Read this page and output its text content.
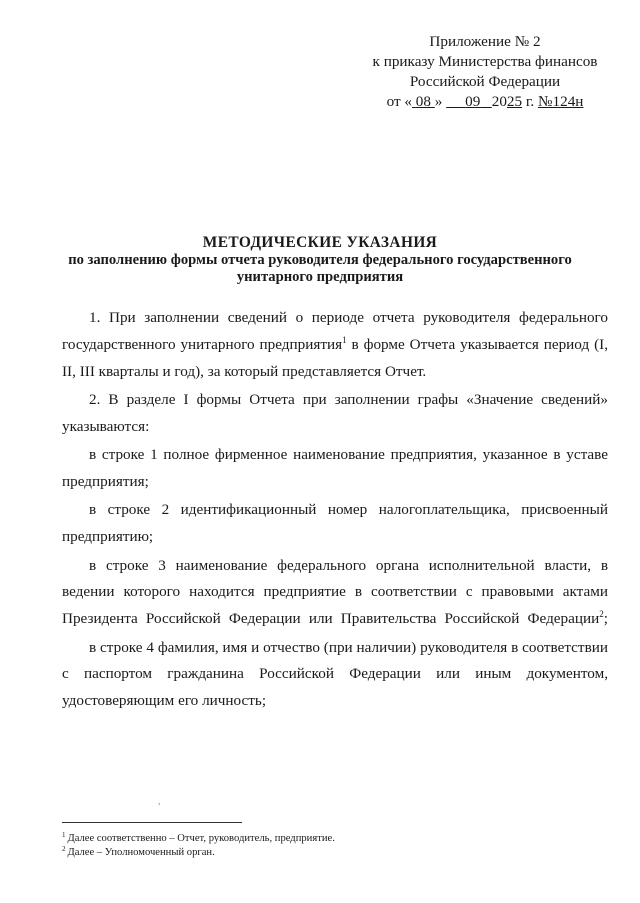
Приложение № 2
к приказу Министерства финансов
Российской Федерации
от « 08 » 09 2025 г. №124н
МЕТОДИЧЕСКИЕ УКАЗАНИЯ
по заполнению формы отчета руководителя федерального государственного
унитарного предприятия

1. При заполнении сведений о периоде отчета руководителя федерального государственного унитарного предприятия$^1$ в форме Отчета указывается период (I, II, III кварталы и год), за который представляется Отчет.

2. В разделе I формы Отчета при заполнении графы «Значение сведений» указываются:

в строке 1 полное фирменное наименование предприятия, указанное в уставе предприятия;

в строке 2 идентификационный номер налогоплательщика, присвоенный предприятию;

в строке 3 наименование федерального органа исполнительной власти, в ведении которого находится предприятие в соответствии с правовыми актами Президента Российской Федерации или Правительства Российской Федерации$^2$;

в строке 4 фамилия, имя и отчество (при наличии) руководителя в соответствии с паспортом гражданина Российской Федерации или иным документом, удостоверяющим его личность;

,
$^1$ Далее соответственно – Отчет, руководитель, предприятие.
$^2$ Далее – Уполномоченный орган.
